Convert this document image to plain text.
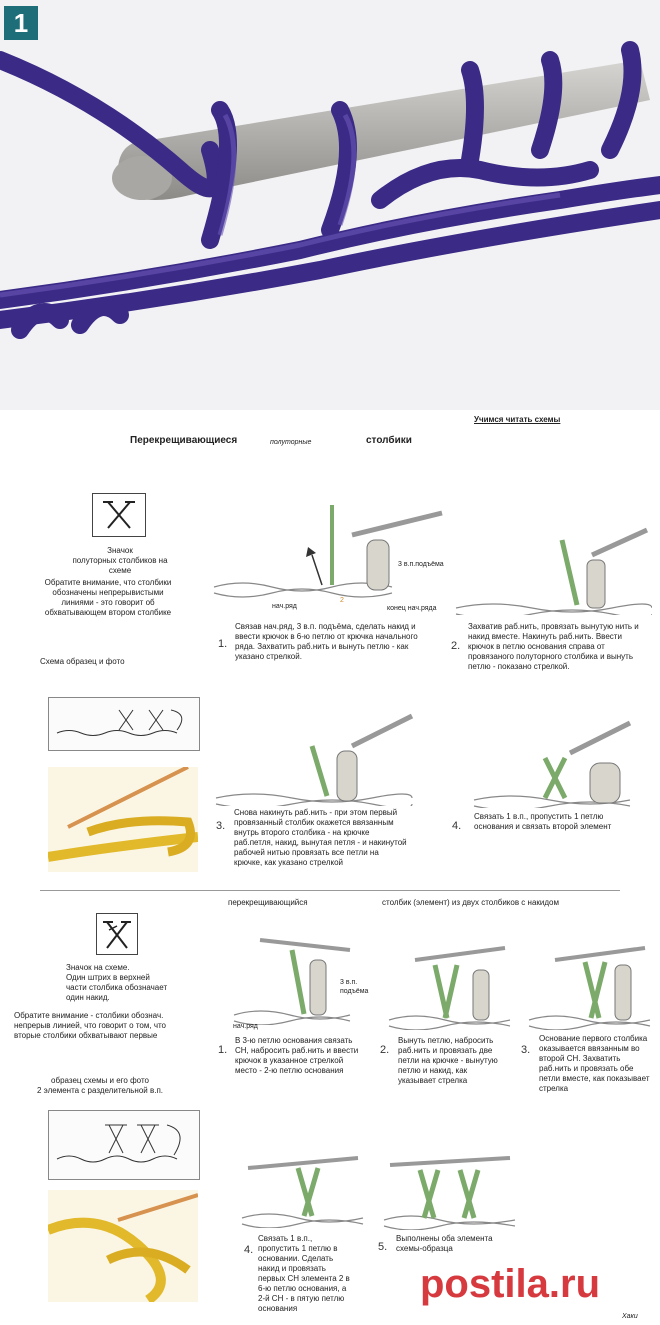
1
Учимся читать схемы
Перекрещивающиеся	полуторные	столбики
Значок
полуторных столбиков на
схеме
Обратите внимание, что столбики
обозначены непрерывистыми
линиями - это говорит об
обхватывающем втором столбике
3 в.п.подъёма
нач.ряд	конец нач.ряда
2
1.
Связав нач.ряд, 3 в.п. подъёма, сделать накид и
ввести крючок в 6-ю петлю от крючка начального
ряда. Захватить раб.нить и вынуть петлю - как
указано стрелкой.
2.
Захватив раб.нить, провязать вынутую нить и
накид вместе. Накинуть раб.нить. Ввести
крючок в петлю основания справа от
провязаного полуторного столбика и вынуть
петлю - показано стрелкой.
Схема образец и фото
3.
Снова накинуть раб.нить - при этом первый
провязанный столбик окажется ввязанным
внутрь второго столбика - на крючке
раб.петля, накид, вынутая петля - и накинутой
рабочей нитью провязать все петли на
крючке, как указано стрелкой
4.
Связать 1 в.п., пропустить 1 петлю
основания и связать второй элемент
перекрещивающийся	столбик (элемент) из двух столбиков с накидом
Значок на схеме.
Один штрих в верхней
части столбика обозначает
один накид.
Обратите внимание - столбики обознач.
непрерыв линией, что говорит о том, что
вторые столбики обхватывают первые
3 в.п.
подъёма
нач.ряд
1.
В 3-ю петлю основания связать
СН, набросить раб.нить и ввести
крючок в указанное стрелкой
место - 2-ю петлю основания
2.
Вынуть петлю, набросить
раб.нить и провязать две
петли на крючке - вынутую
петлю и накид, как
указывает стрелка
3.
Основание первого столбика
оказывается ввязанным во
второй СН. Захватить
раб.нить и провязать обе
петли вместе, как показывает
стрелка
образец схемы и его фото
2 элемента с разделительной в.п.
4.
Связать 1 в.п.,
пропустить 1 петлю в
основании. Сделать
накид и провязать
первых СН элемента 2 в
6-ю петлю основания, а
2-й СН - в пятую петлю
основания
5.
Выполнены оба элемента
схемы-образца
postila.ru
Хаки
